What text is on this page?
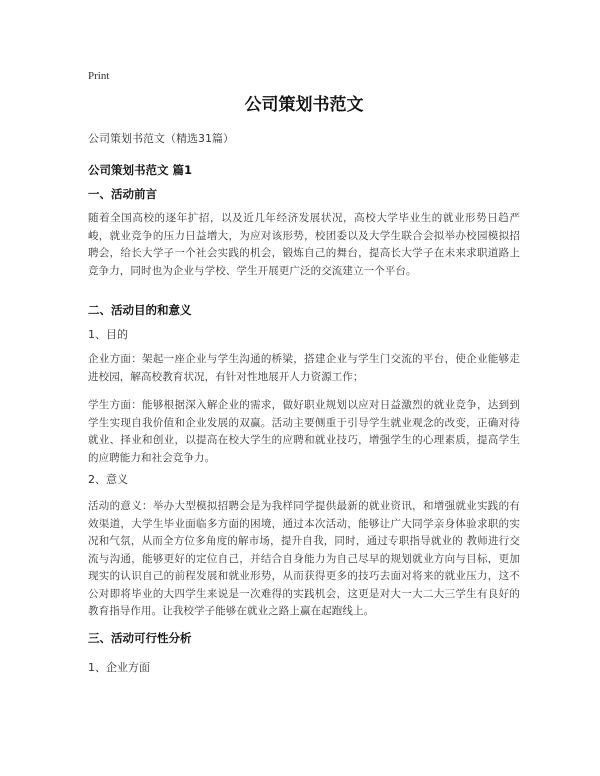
Print
公司策划书范文

公司策划书范文（精选31篇）

公司策划书范文 篇1

一、活动前言

随着全国高校的逐年扩招，以及近几年经济发展状况，高校大学毕业生的就业形势日趋严峻，就业竞争的压力日益增大，为应对该形势，校团委以及大学生联合会拟举办校园模拟招聘会，给长大学子一个社会实践的机会，锻炼自己的舞台，提高长大学子在未来求职道路上竞争力，同时也为企业与学校、学生开展更广泛的交流建立一个平台。

二、活动目的和意义

1、目的

企业方面：架起一座企业与学生沟通的桥梁，搭建企业与学生门交流的平台，使企业能够走进校园，解高校教育状况，有针对性地展开人力资源工作；

学生方面：能够根据深入解企业的需求，做好职业规划以应对日益激烈的就业竞争，达到到学生实现自我价值和企业发展的双赢。活动主要侧重于引导学生就业观念的改变，正确对待就业、择业和创业，以提高在校大学生的应聘和就业技巧，增强学生的心理素质，提高学生的应聘能力和社会竞争力。

2、意义

活动的意义：举办大型模拟招聘会是为我样同学提供最新的就业资讯，和增强就业实践的有效渠道，大学生毕业面临多方面的困境，通过本次活动，能够让广大同学亲身体验求职的实况和气氛，从而全方位多角度的解市场，提升自我，同时，通过专职指导就业的 教师进行交流与沟通，能够更好的定位自己，并结合自身能力为自己尽早的规划就业方向与目标，更加现实的认识自己的前程发展和就业形势，从而获得更多的技巧去面对将来的就业压力，这不公对即将毕业的大四学生来说是一次难得的实践机会，这更是对大一大二大三学生有良好的教育指导作用。让我校学子能够在就业之路上赢在起跑线上。

三、活动可行性分析

1、企业方面
